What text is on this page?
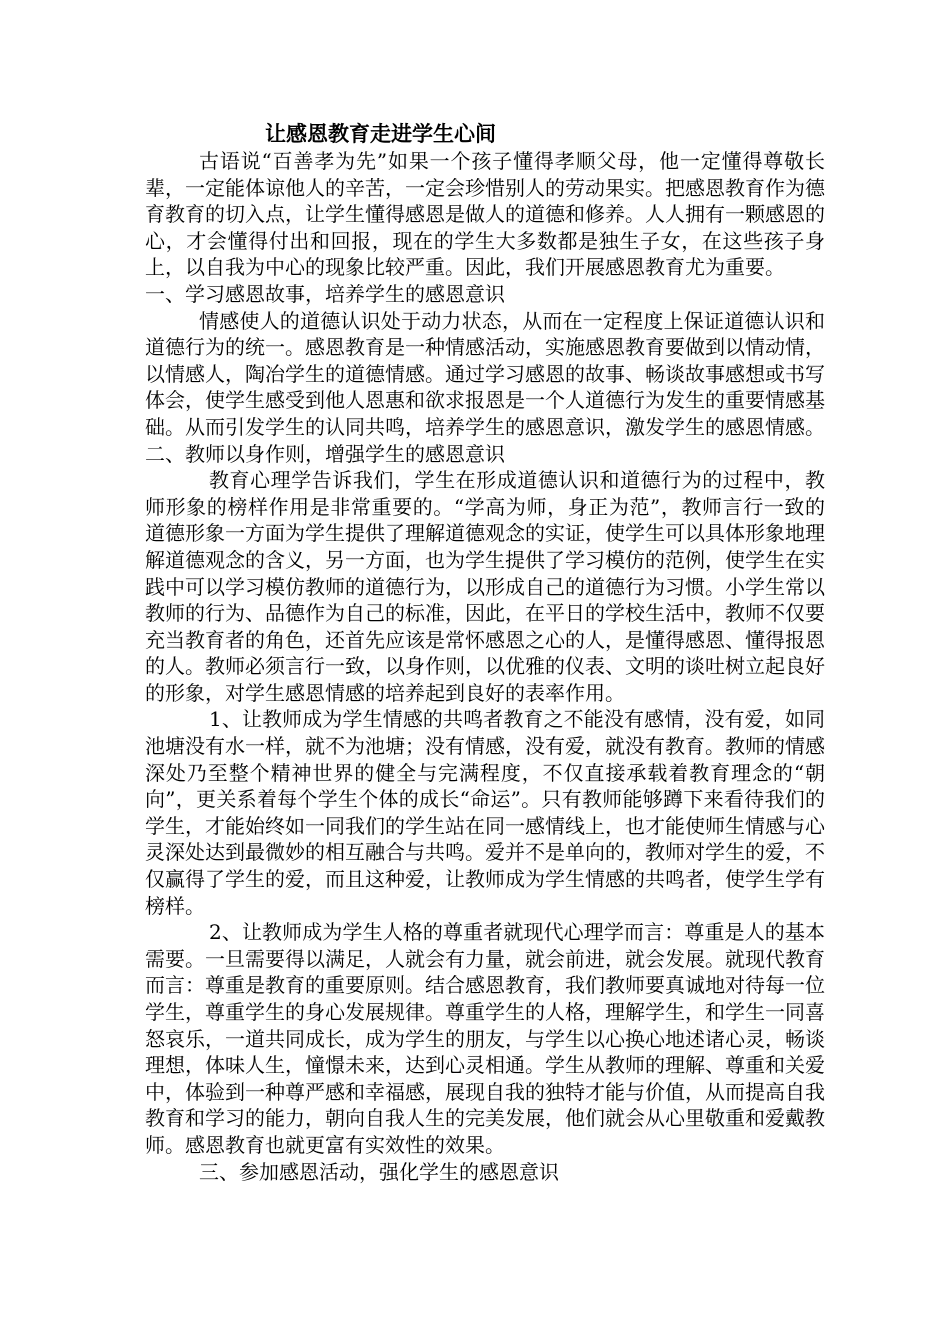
让感恩教育走进学生心间

古语说“百善孝为先”如果一个孩子懂得孝顺父母，他一定懂得尊敬长辈，一定能体谅他人的辛苦，一定会珍惜别人的劳动果实。把感恩教育作为德育教育的切入点，让学生懂得感恩是做人的道德和修养。人人拥有一颗感恩的心，才会懂得付出和回报，现在的学生大多数都是独生子女，在这些孩子身上，以自我为中心的现象比较严重。因此，我们开展感恩教育尤为重要。

一、学习感恩故事，培养学生的感恩意识

情感使人的道德认识处于动力状态，从而在一定程度上保证道德认识和道德行为的统一。感恩教育是一种情感活动，实施感恩教育要做到以情动情，以情感人，陶冶学生的道德情感。通过学习感恩的故事、畅谈故事感想或书写体会，使学生感受到他人恩惠和欲求报恩是一个人道德行为发生的重要情感基础。从而引发学生的认同共鸣，培养学生的感恩意识，激发学生的感恩情感。

二、教师以身作则，增强学生的感恩意识

教育心理学告诉我们，学生在形成道德认识和道德行为的过程中，教师形象的榜样作用是非常重要的。“学高为师，身正为范”，教师言行一致的道德形象一方面为学生提供了理解道德观念的实证，使学生可以具体形象地理解道德观念的含义，另一方面，也为学生提供了学习模仿的范例，使学生在实践中可以学习模仿教师的道德行为，以形成自己的道德行为习惯。小学生常以教师的行为、品德作为自己的标准，因此，在平日的学校生活中，教师不仅要充当教育者的角色，还首先应该是常怀感恩之心的人，是懂得感恩、懂得报恩的人。教师必须言行一致，以身作则，以优雅的仪表、文明的谈吐树立起良好的形象，对学生感恩情感的培养起到良好的表率作用。

1、让教师成为学生情感的共鸣者教育之不能没有感情，没有爱，如同池塘没有水一样，就不为池塘；没有情感，没有爱，就没有教育。教师的情感深处乃至整个精神世界的健全与完满程度，不仅直接承载着教育理念的“朝向”，更关系着每个学生个体的成长“命运”。只有教师能够蹲下来看待我们的学生，才能始终如一同我们的学生站在同一感情线上，也才能使师生情感与心灵深处达到最微妙的相互融合与共鸣。爱并不是单向的，教师对学生的爱，不仅赢得了学生的爱，而且这种爱，让教师成为学生情感的共鸣者，使学生学有榜样。

2、让教师成为学生人格的尊重者就现代心理学而言：尊重是人的基本需要。一旦需要得以满足，人就会有力量，就会前进，就会发展。就现代教育而言：尊重是教育的重要原则。结合感恩教育，我们教师要真诚地对待每一位学生，尊重学生的身心发展规律。尊重学生的人格，理解学生，和学生一同喜怒哀乐，一道共同成长，成为学生的朋友，与学生以心换心地述诸心灵，畅谈理想，体味人生，憧憬未来，达到心灵相通。学生从教师的理解、尊重和关爱中，体验到一种尊严感和幸福感，展现自我的独特才能与价值，从而提高自我教育和学习的能力，朝向自我人生的完美发展，他们就会从心里敬重和爱戴教师。感恩教育也就更富有实效性的效果。

三、参加感恩活动，强化学生的感恩意识
